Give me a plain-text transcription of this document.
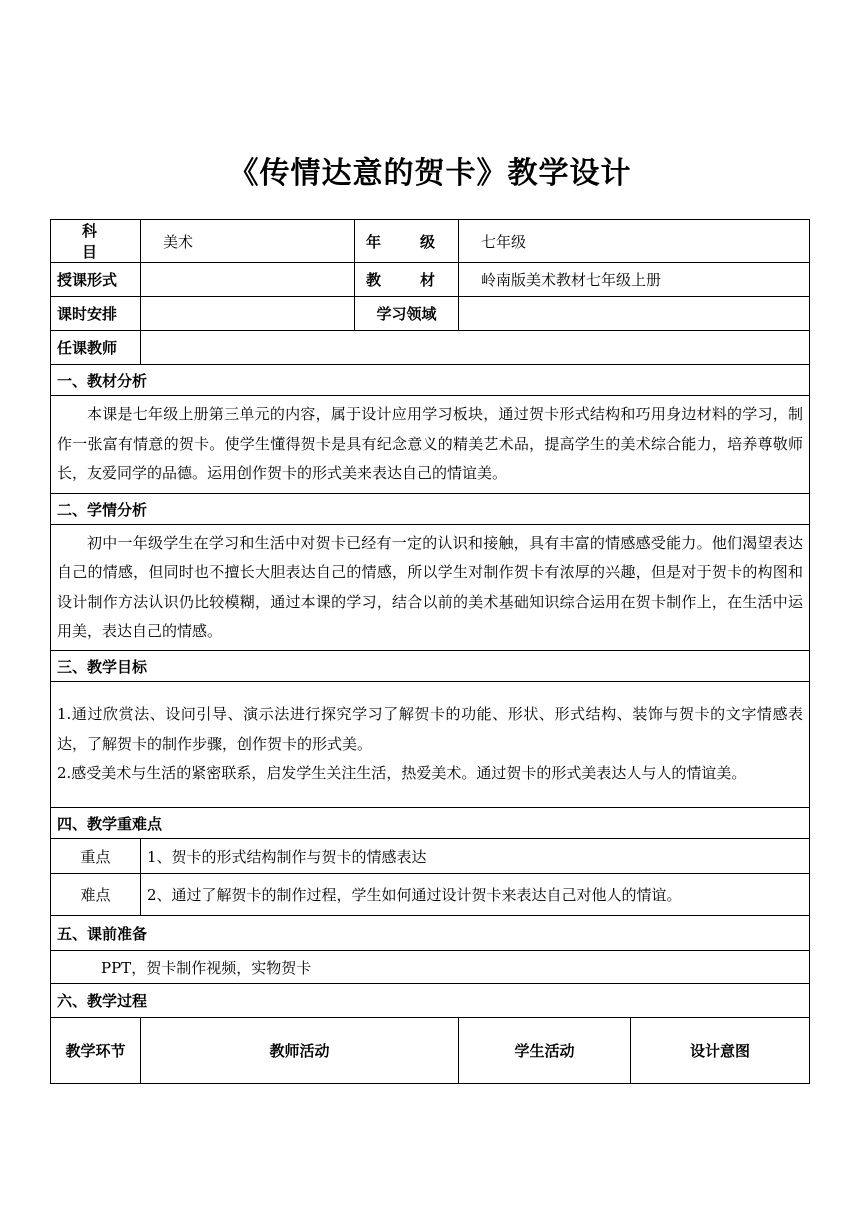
《传情达意的贺卡》教学设计
科　目	美术	年　级	七年级	
授课形式		教　材	岭南版美术教材七年级上册	
课时安排		学习领域		
任课教师				
一、教材分析				
本课是七年级上册第三单元的内容，属于设计应用学习板块，通过贺卡形式结构和巧用身边材料的学习，制作一张富有情意的贺卡。使学生懂得贺卡是具有纪念意义的精美艺术品，提高学生的美术综合能力，培养尊敬师长，友爱同学的品德。运用创作贺卡的形式美来表达自己的情谊美。				
二、学情分析				
初中一年级学生在学习和生活中对贺卡已经有一定的认识和接触，具有丰富的情感感受能力。他们渴望表达自己的情感，但同时也不擅长大胆表达自己的情感，所以学生对制作贺卡有浓厚的兴趣，但是对于贺卡的构图和设计制作方法认识仍比较模糊，通过本课的学习，结合以前的美术基础知识综合运用在贺卡制作上，在生活中运用美，表达自己的情感。				
三、教学目标				

1.通过欣赏法、设问引导、演示法进行探究学习了解贺卡的功能、形状、形式结构、装饰与贺卡的文字情感表达，了解贺卡的制作步骤，创作贺卡的形式美。

2.感受美术与生活的紧密联系，启发学生关注生活，热爱美术。通过贺卡的形式美表达人与人的情谊美。				

四、教学重难点				
重点	1、贺卡的形式结构制作与贺卡的情感表达			
难点	2、通过了解贺卡的制作过程，学生如何通过设计贺卡来表达自己对他人的情谊。			
五、课前准备				
PPT，贺卡制作视频，实物贺卡				
六、教学过程				
教学环节	教师活动		学生活动	设计意图
